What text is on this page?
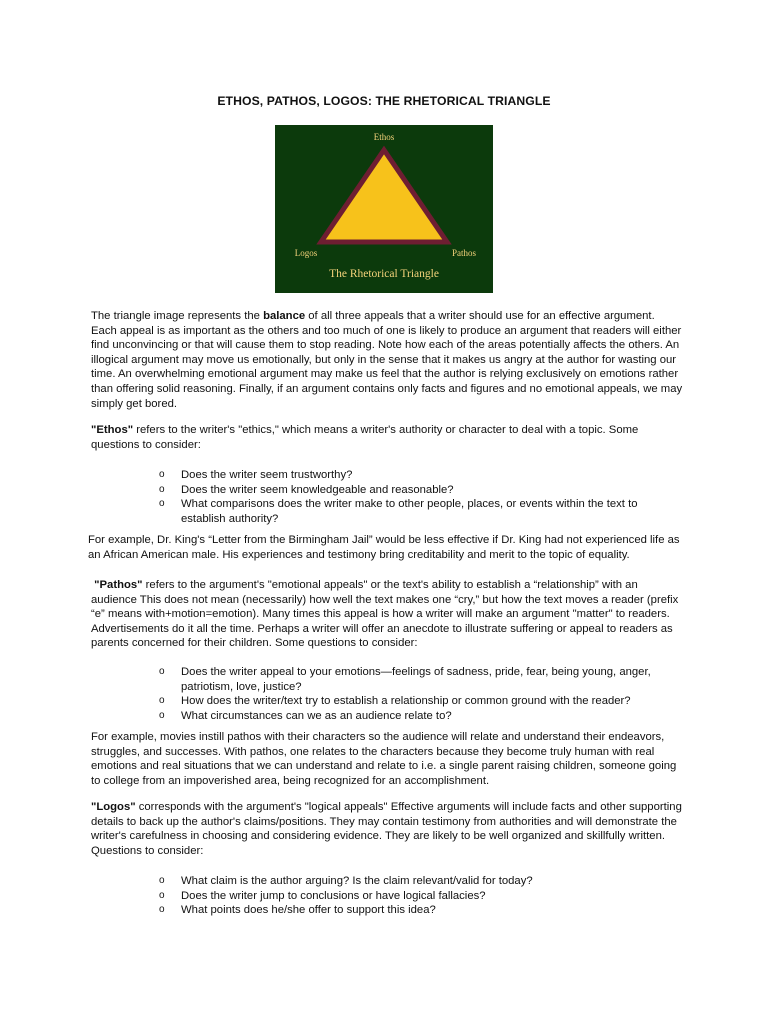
ETHOS, PATHOS, LOGOS: THE RHETORICAL TRIANGLE
Ethos
Logos	Pathos
The Rhetorical Triangle

The triangle image represents the balance of all three appeals that a writer should use for an effective argument. Each appeal is as important as the others and too much of one is likely to produce an argument that readers will either find unconvincing or that will cause them to stop reading. Note how each of the areas potentially affects the others. An illogical argument may move us emotionally, but only in the sense that it makes us angry at the author for wasting our time. An overwhelming emotional argument may make us feel that the author is relying exclusively on emotions rather than offering solid reasoning. Finally, if an argument contains only facts and figures and no emotional appeals, we may simply get bored.

"Ethos" refers to the writer's "ethics," which means a writer's authority or character to deal with a topic. Some questions to consider:

o Does the writer seem trustworthy?
o Does the writer seem knowledgeable and reasonable?
o What comparisons does the writer make to other people, places, or events within the text to establish authority?

For example, Dr. King's “Letter from the Birmingham Jail” would be less effective if Dr. King had not experienced life as an African American male. His experiences and testimony bring creditability and merit to the topic of equality.

"Pathos" refers to the argument's "emotional appeals" or the text's ability to establish a “relationship” with an audience This does not mean (necessarily) how well the text makes one “cry,” but how the text moves a reader (prefix “e” means with+motion=emotion). Many times this appeal is how a writer will make an argument "matter" to readers. Advertisements do it all the time. Perhaps a writer will offer an anecdote to illustrate suffering or appeal to readers as parents concerned for their children. Some questions to consider:

o Does the writer appeal to your emotions—feelings of sadness, pride, fear, being young, anger, patriotism, love, justice?
o How does the writer/text try to establish a relationship or common ground with the reader?
o What circumstances can we as an audience relate to?

For example, movies instill pathos with their characters so the audience will relate and understand their endeavors, struggles, and successes. With pathos, one relates to the characters because they become truly human with real emotions and real situations that we can understand and relate to i.e. a single parent raising children, someone going to college from an impoverished area, being recognized for an accomplishment.

"Logos" corresponds with the argument's "logical appeals" Effective arguments will include facts and other supporting details to back up the author's claims/positions. They may contain testimony from authorities and will demonstrate the writer's carefulness in choosing and considering evidence. They are likely to be well organized and skillfully written. Questions to consider:

o What claim is the author arguing? Is the claim relevant/valid for today?
o Does the writer jump to conclusions or have logical fallacies?
o What points does he/she offer to support this idea?
